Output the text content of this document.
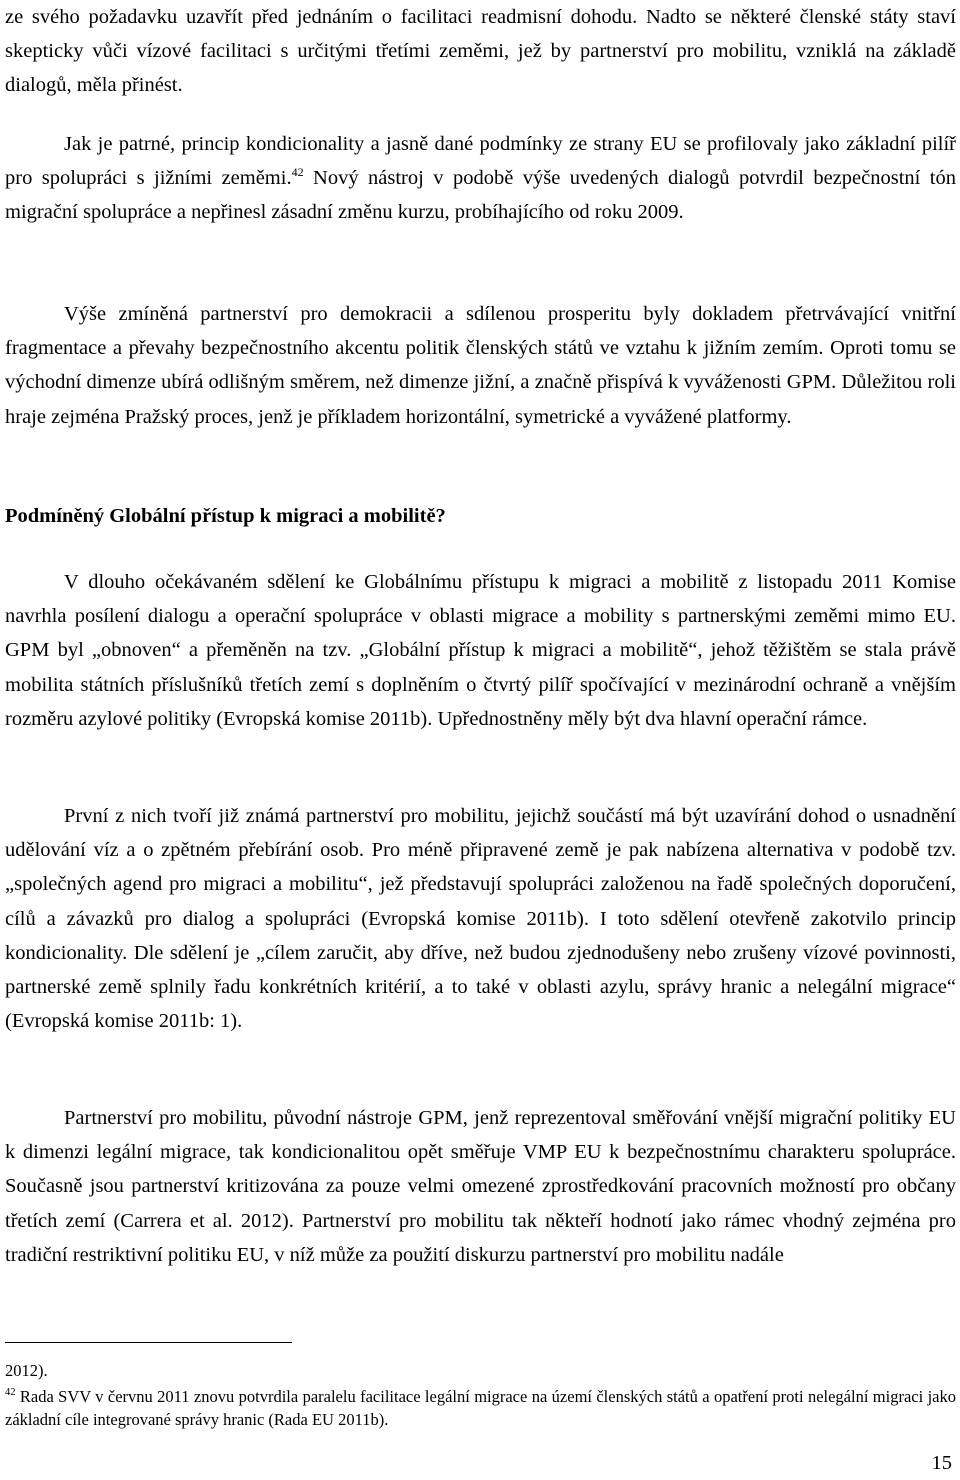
ze svého požadavku uzavřít před jednáním o facilitaci readmisní dohodu. Nadto se některé členské státy staví skepticky vůči vízové facilitaci s určitými třetími zeměmi, jež by partnerství pro mobilitu, vzniklá na základě dialogů, měla přinést.

Jak je patrné, princip kondicionality a jasně dané podmínky ze strany EU se profilovaly jako základní pilíř pro spolupráci s jižními zeměmi.$^{42}$ Nový nástroj v podobě výše uvedených dialogů potvrdil bezpečnostní tón migrační spolupráce a nepřinesl zásadní změnu kurzu, probíhajícího od roku 2009.

Výše zmíněná partnerství pro demokracii a sdílenou prosperitu byly dokladem přetrvávající vnitřní fragmentace a převahy bezpečnostního akcentu politik členských států ve vztahu k jižním zemím. Oproti tomu se východní dimenze ubírá odlišným směrem, než dimenze jižní, a značně přispívá k vyváženosti GPM. Důležitou roli hraje zejména Pražský proces, jenž je příkladem horizontální, symetrické a vyvážené platformy.

Podmíněný Globální přístup k migraci a mobilitě?

V dlouho očekávaném sdělení ke Globálnímu přístupu k migraci a mobilitě z listopadu 2011 Komise navrhla posílení dialogu a operační spolupráce v oblasti migrace a mobility s partnerskými zeměmi mimo EU. GPM byl „obnoven“ a přeměněn na tzv. „Globální přístup k migraci a mobilitě“, jehož těžištěm se stala právě mobilita státních příslušníků třetích zemí s doplněním o čtvrtý pilíř spočívající v mezinárodní ochraně a vnějším rozměru azylové politiky (Evropská komise 2011b). Upřednostněny měly být dva hlavní operační rámce.

První z nich tvoří již známá partnerství pro mobilitu, jejichž součástí má být uzavírání dohod o usnadnění udělování víz a o zpětném přebírání osob. Pro méně připravené země je pak nabízena alternativa v podobě tzv. „společných agend pro migraci a mobilitu“, jež představují spolupráci založenou na řadě společných doporučení, cílů a závazků pro dialog a spolupráci (Evropská komise 2011b). I toto sdělení otevřeně zakotvilo princip kondicionality. Dle sdělení je „cílem zaručit, aby dříve, než budou zjednodušeny nebo zrušeny vízové povinnosti, partnerské země splnily řadu konkrétních kritérií, a to také v oblasti azylu, správy hranic a nelegální migrace“ (Evropská komise 2011b: 1).

Partnerství pro mobilitu, původní nástroje GPM, jenž reprezentoval směřování vnější migrační politiky EU k dimenzi legální migrace, tak kondicionalitou opět směřuje VMP EU k bezpečnostnímu charakteru spolupráce. Současně jsou partnerství kritizována za pouze velmi omezené zprostředkování pracovních možností pro občany třetích zemí (Carrera et al. 2012). Partnerství pro mobilitu tak někteří hodnotí jako rámec vhodný zejména pro tradiční restriktivní politiku EU, v níž může za použití diskurzu partnerství pro mobilitu nadále

2012).

$^{42}$ Rada SVV v červnu 2011 znovu potvrdila paralelu facilitace legální migrace na území členských států a opatření proti nelegální migraci jako základní cíle integrované správy hranic (Rada EU 2011b).

15
